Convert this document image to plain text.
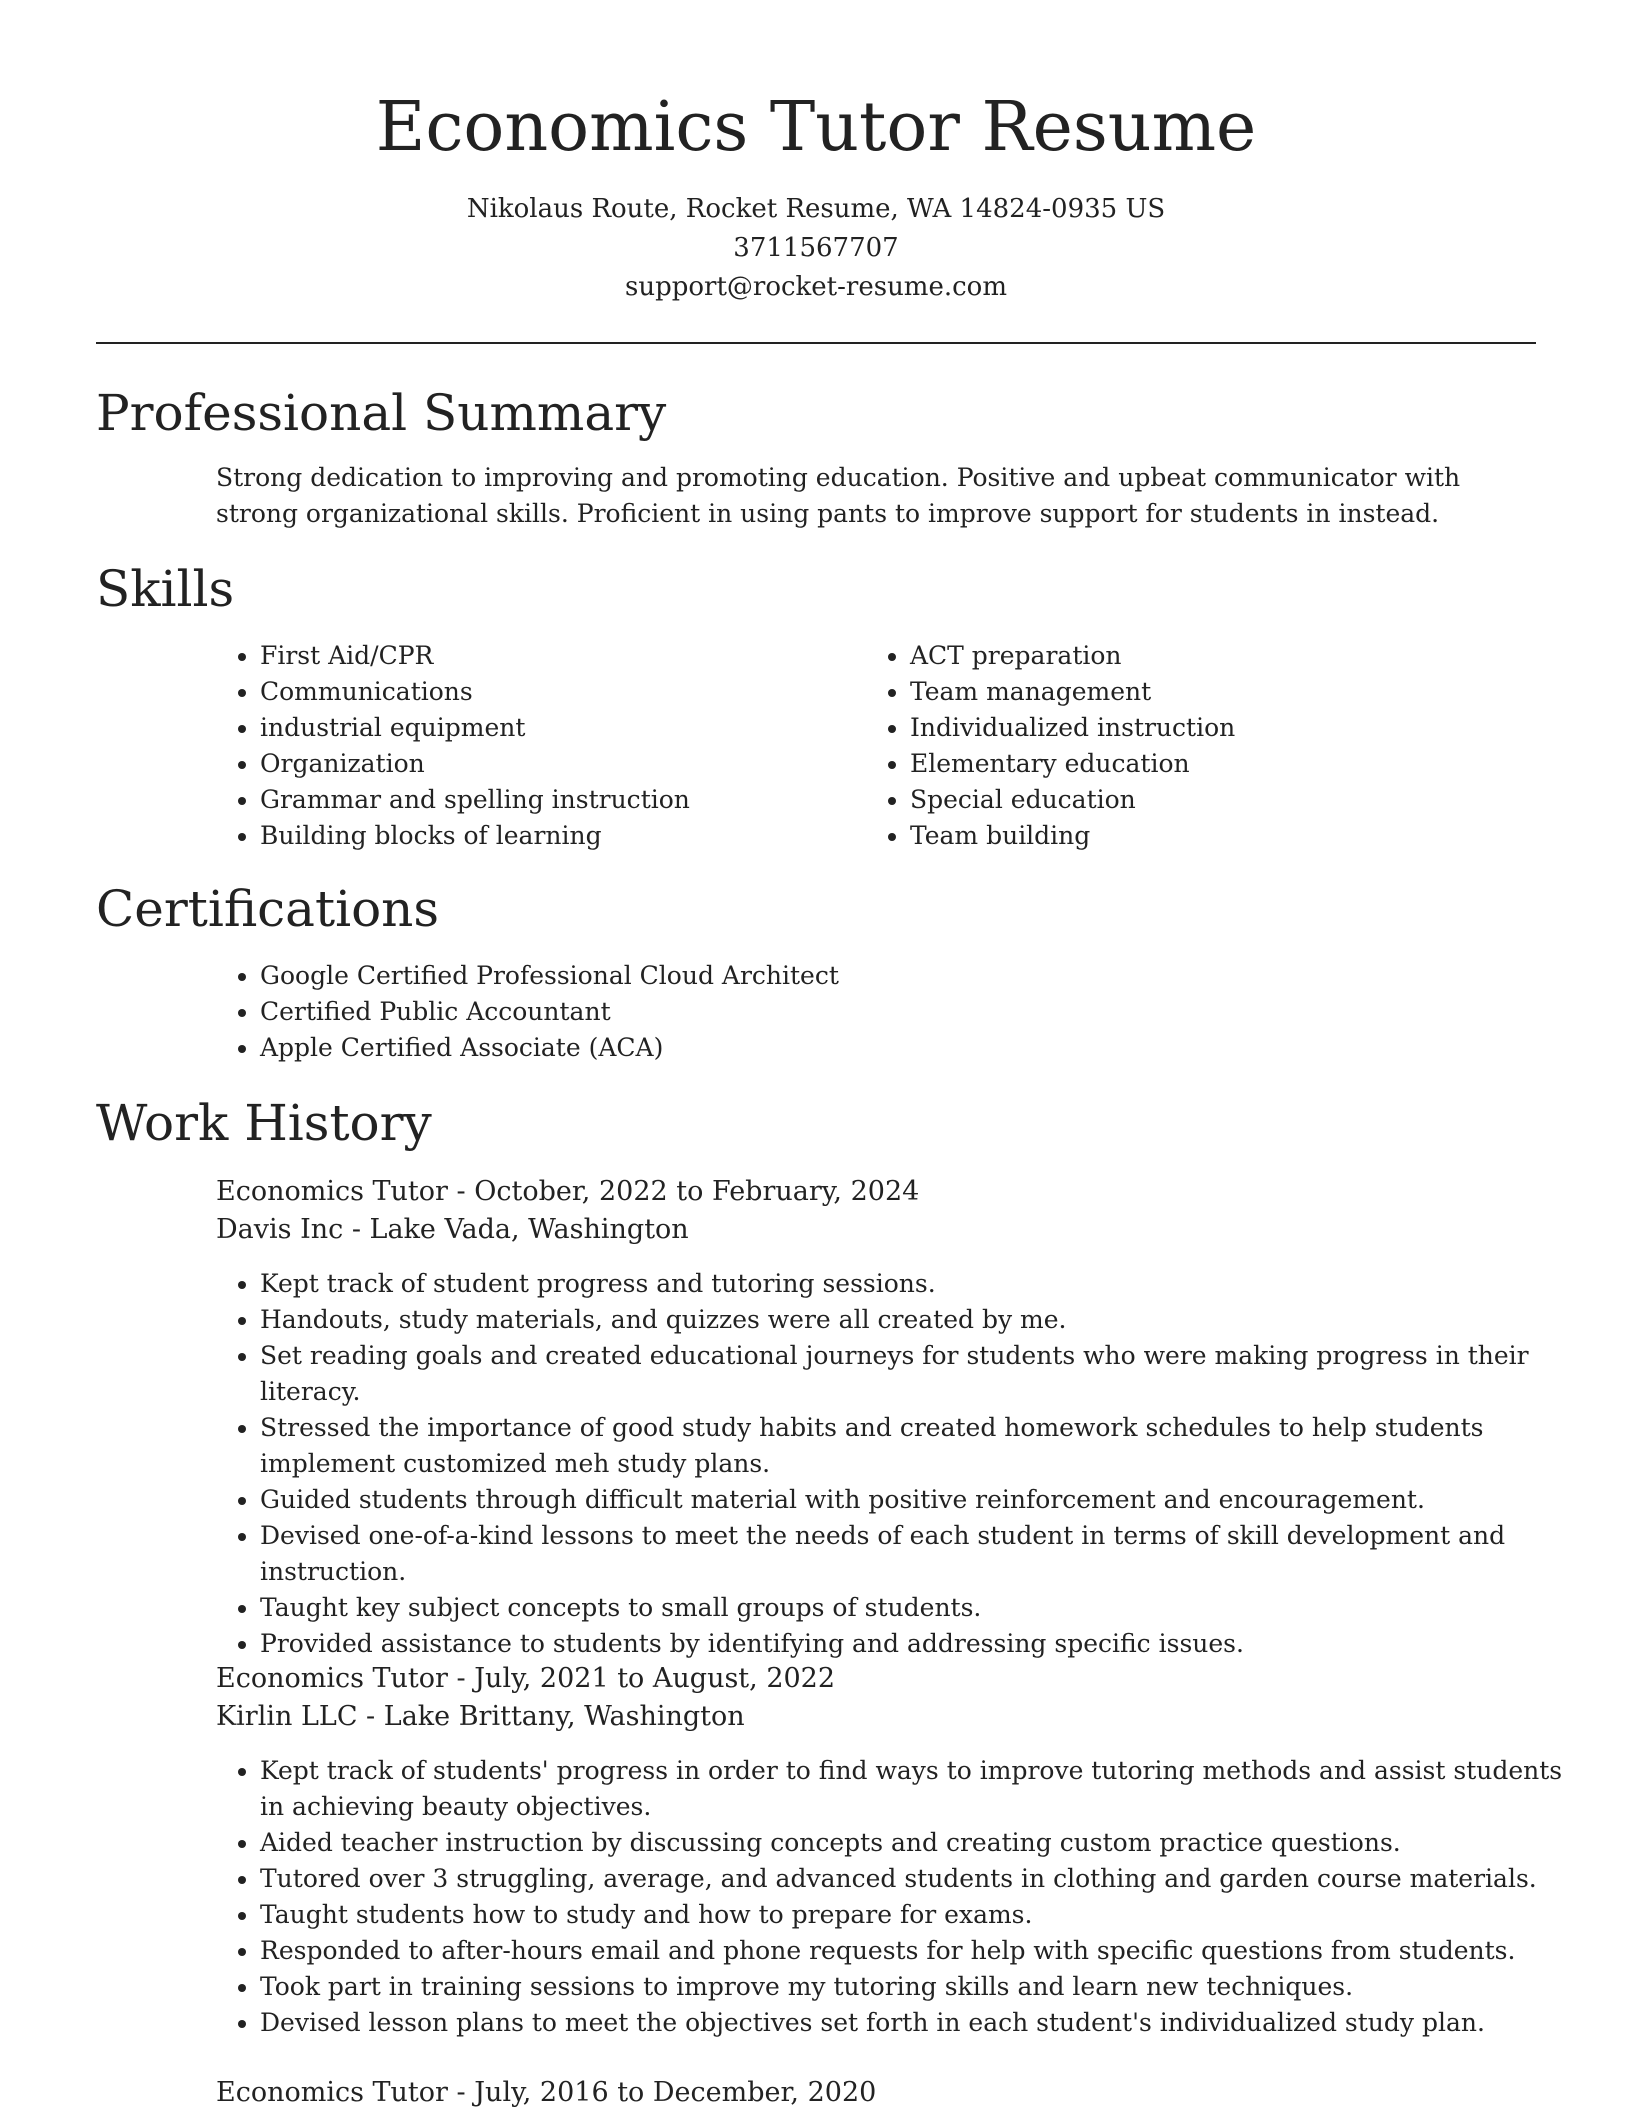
Economics Tutor Resume

Nikolaus Route, Rocket Resume, WA 14824-0935 US

3711567707

support@rocket-resume.com

Professional Summary

Strong dedication to improving and promoting education. Positive and upbeat communicator with strong organizational skills. Proficient in using pants to improve support for students in instead.

Skills
• First Aid/CPR
• Communications
• industrial equipment
• Organization
• Grammar and spelling instruction
• Building blocks of learning
• ACT preparation
• Team management
• Individualized instruction
• Elementary education
• Special education
• Team building
Certifications
• Google Certified Professional Cloud Architect
• Certified Public Accountant
• Apple Certified Associate (ACA)
Work History

Economics Tutor - October, 2022 to February, 2024

Davis Inc - Lake Vada, Washington

• Kept track of student progress and tutoring sessions.
• Handouts, study materials, and quizzes were all created by me.
• Set reading goals and created educational journeys for students who were making progress in their literacy.
• Stressed the importance of good study habits and created homework schedules to help students implement customized meh study plans.
• Guided students through difficult material with positive reinforcement and encouragement.
• Devised one-of-a-kind lessons to meet the needs of each student in terms of skill development and instruction.
• Taught key subject concepts to small groups of students.
• Provided assistance to students by identifying and addressing specific issues.

Economics Tutor - July, 2021 to August, 2022

Kirlin LLC - Lake Brittany, Washington

• Kept track of students' progress in order to find ways to improve tutoring methods and assist students in achieving beauty objectives.
• Aided teacher instruction by discussing concepts and creating custom practice questions.
• Tutored over 3 struggling, average, and advanced students in clothing and garden course materials.
• Taught students how to study and how to prepare for exams.
• Responded to after-hours email and phone requests for help with specific questions from students.
• Took part in training sessions to improve my tutoring skills and learn new techniques.
• Devised lesson plans to meet the objectives set forth in each student's individualized study plan.

Economics Tutor - July, 2016 to December, 2020
